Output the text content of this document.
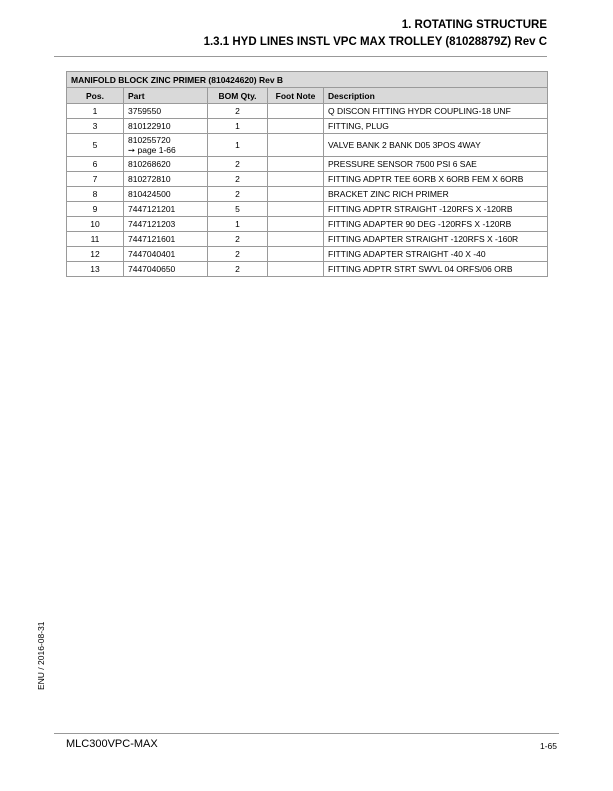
1. ROTATING STRUCTURE
1.3.1 HYD LINES INSTL VPC MAX TROLLEY (81028879Z) Rev C
MANIFOLD BLOCK ZINC PRIMER (810424620) Rev B				
Pos.	Part	BOM Qty.	Foot Note	Description
1	3759550	2		Q DISCON FITTING HYDR COUPLING-18 UNF
3	810122910	1		FITTING, PLUG
5	810255720
➙ page 1-66	1		VALVE BANK 2 BANK D05 3POS 4WAY
6	810268620	2		PRESSURE SENSOR 7500 PSI 6 SAE
7	810272810	2		FITTING ADPTR TEE 6ORB X 6ORB FEM X 6ORB
8	810424500	2		BRACKET ZINC RICH PRIMER
9	7447121201	5		FITTING ADPTR STRAIGHT -120RFS X -120RB
10	7447121203	1		FITTING ADAPTER 90 DEG -120RFS X -120RB
11	7447121601	2		FITTING ADAPTER STRAIGHT -120RFS X -160R
12	7447040401	2		FITTING ADAPTER STRAIGHT -40 X -40
13	7447040650	2		FITTING ADPTR STRT SWVL 04 ORFS/06 ORB
ENU / 2016-08-31
MLC300VPC-MAX	1-65
